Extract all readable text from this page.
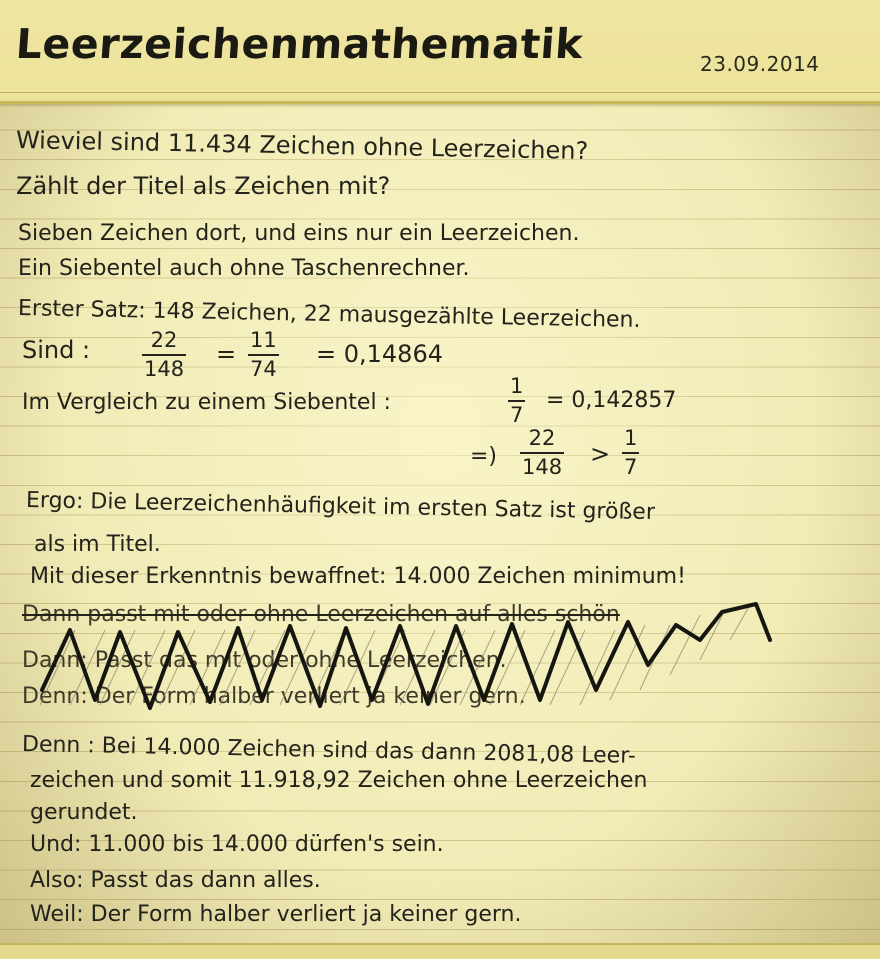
Leerzeichenmathematik	23.09.2014
Wieviel sind 11.434 Zeichen ohne Leerzeichen?
Zählt der Titel als Zeichen mit?
Sieben Zeichen dort, und eins nur ein Leerzeichen.
Ein Siebentel auch ohne Taschenrechner.
Erster Satz: 148 Zeichen, 22 mausgezählte Leerzeichen.
Sind :	22
148
= 11
74
= 0,14864
Im Vergleich zu einem Siebentel :
1
7
= 0,142857
=)
22
148 >
1
7
Ergo: Die Leerzeichenhäufigkeit im ersten Satz ist größer
als im Titel.
Mit dieser Erkenntnis bewaffnet: 14.000 Zeichen minimum!
Dann passt mit oder ohne Leerzeichen auf alles schön
Dann: Passt das mit oder ohne Leerzeichen.
Denn: Der Form halber verliert ja keiner gern.
Denn : Bei 14.000 Zeichen sind das dann 2081,08 Leer-
zeichen und somit 11.918,92 Zeichen ohne Leerzeichen
gerundet.
Und: 11.000 bis 14.000 dürfen's sein.
Also: Passt das dann alles.
Weil: Der Form halber verliert ja keiner gern.
